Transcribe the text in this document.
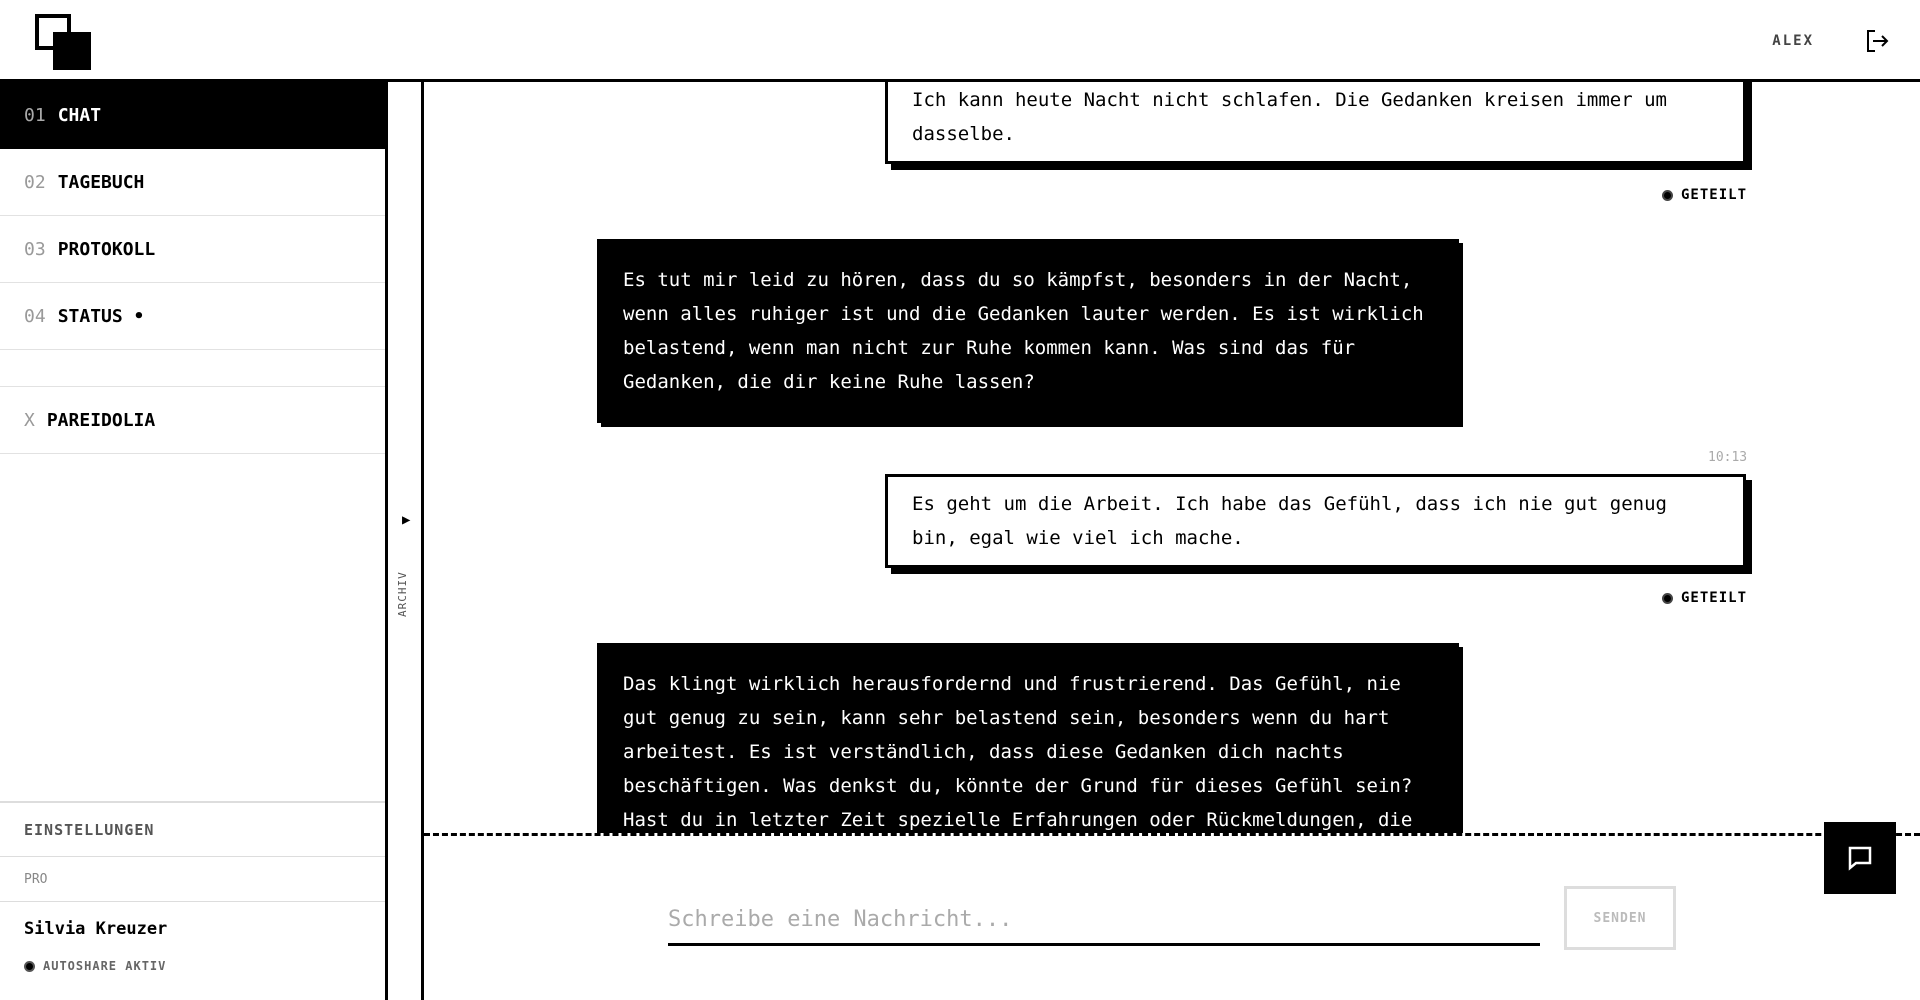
ALEX
01 CHAT
02 TAGEBUCH
03 PROTOKOLL
04 STATUS •
X PAREIDOLIA
EINSTELLUNGEN
PRO
Silvia Kreuzer
AUTOSHARE AKTIV
▶
ARCHIV
Ich kann heute Nacht nicht schlafen. Die Gedanken kreisen immer um dasselbe.
GETEILT
Es tut mir leid zu hören, dass du so kämpfst, besonders in der Nacht, wenn alles ruhiger ist und die Gedanken lauter werden. Es ist wirklich belastend, wenn man nicht zur Ruhe kommen kann. Was sind das für Gedanken, die dir keine Ruhe lassen?
10:13
Es geht um die Arbeit. Ich habe das Gefühl, dass ich nie gut genug bin, egal wie viel ich mache.
GETEILT
Das klingt wirklich herausfordernd und frustrierend. Das Gefühl, nie gut genug zu sein, kann sehr belastend sein, besonders wenn du hart arbeitest. Es ist verständlich, dass diese Gedanken dich nachts beschäftigen. Was denkst du, könnte der Grund für dieses Gefühl sein? Hast du in letzter Zeit spezielle Erfahrungen oder Rückmeldungen, die
Schreibe eine Nachricht...
SENDEN
